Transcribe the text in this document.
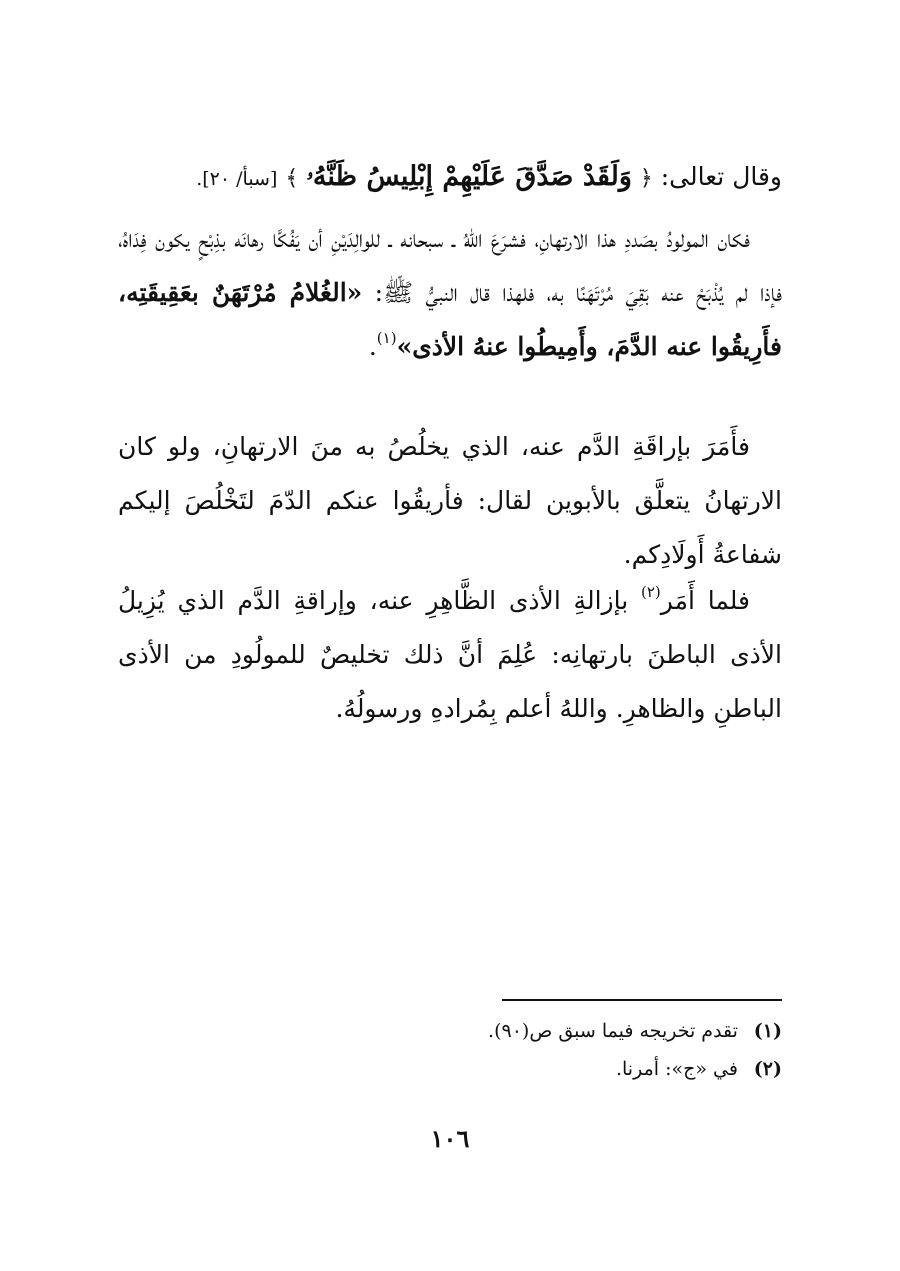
وقال تعالى: ﴿ وَلَقَدْ صَدَّقَ عَلَيْهِمْ إِبْلِيسُ ظَنَّهُۥ ﴾ [سبأ/ ٢٠].

فكان المولودُ بصَددِ هذا الارتهانِ، فشرَعَ اللهُ ـ سبحانه ـ للوالِدَيْنِ أن يَفُكَّا رهانَه بذِبْحٍ يكون فِدَاهُ، فإذا لم يُذْبَحْ عنه بَقِيَ مُرْتَهَنًا به، فلهذا قال النبيُّ ﷺ: «الغُلامُ مُرْتَهَنٌ بعَقِيقَتِه، فأَرِيقُوا عنه الدَّمَ، وأَمِيطُوا عنهُ الأذى»$^{(١)}$.

فأَمَرَ بإراقَةِ الدَّم عنه، الذي يخلُصُ به منَ الارتهانِ، ولو كان الارتهانُ يتعلَّق بالأبوين لقال: فأريقُوا عنكم الدّمَ لتَخْلُصَ إليكم شفاعةُ أَولَادِكم.

فلما أَمَر$^{(٢)}$ بإزالةِ الأذى الظَّاهِرِ عنه، وإراقةِ الدَّم الذي يُزِيلُ الأذى الباطنَ بارتهانِه: عُلِمَ أنَّ ذلك تخليصٌ للمولُودِ من الأذى الباطنِ والظاهرِ. واللهُ أعلم بِمُرادهِ ورسولُهُ.

(١) تقدم تخريجه فيما سبق ص(٩٠).
(٢) في «ج»: أمرنا.
١٠٦
